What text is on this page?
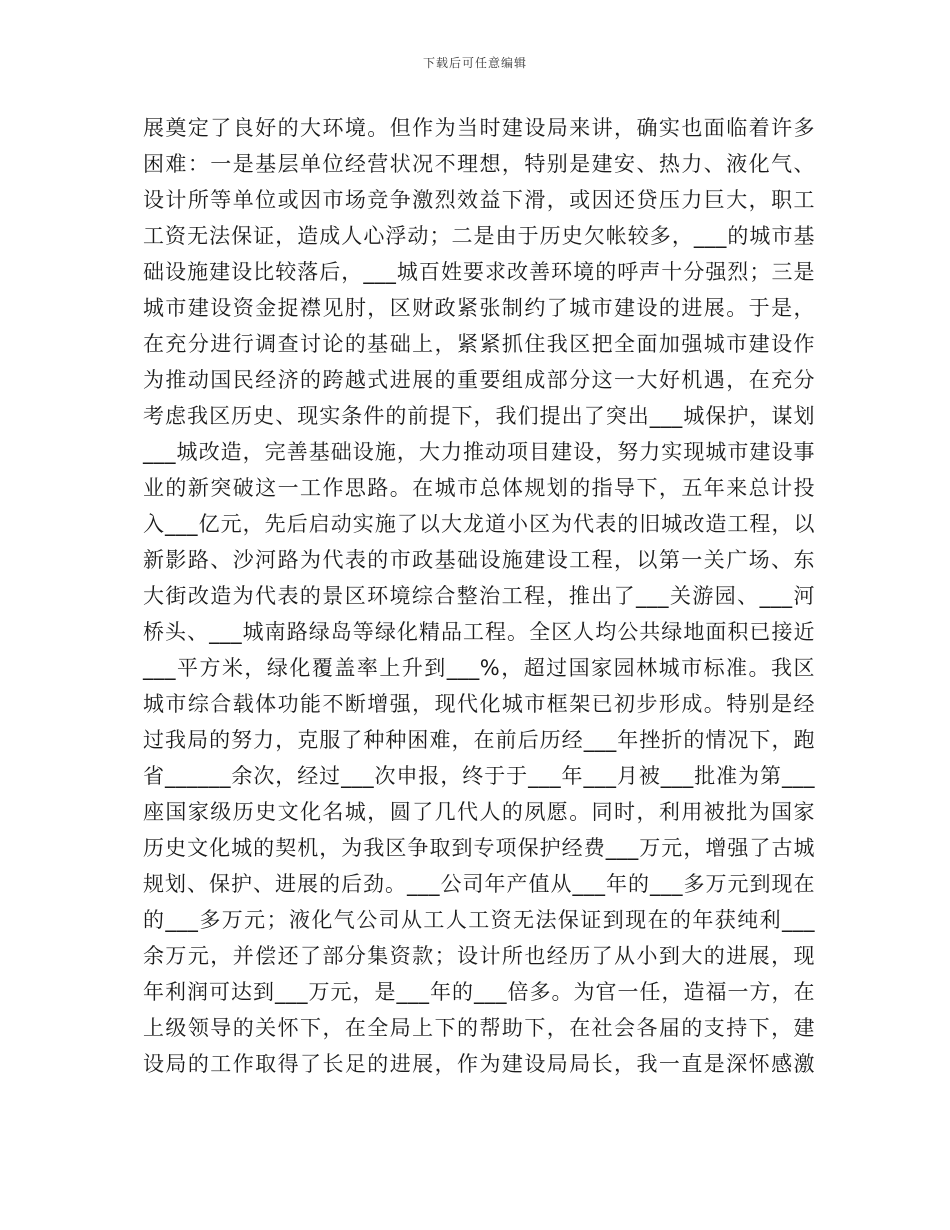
下载后可任意编辑
展奠定了良好的大环境。但作为当时建设局来讲，确实也面临着许多
困难：一是基层单位经营状况不理想，特别是建安、热力、液化气、
设计所等单位或因市场竞争激烈效益下滑，或因还贷压力巨大，职工
工资无法保证，造成人心浮动；二是由于历史欠帐较多，___的城市基
础设施建设比较落后，___城百姓要求改善环境的呼声十分强烈；三是
城市建设资金捉襟见肘，区财政紧张制约了城市建设的进展。于是，
在充分进行调查讨论的基础上，紧紧抓住我区把全面加强城市建设作
为推动国民经济的跨越式进展的重要组成部分这一大好机遇，在充分
考虑我区历史、现实条件的前提下，我们提出了突出___城保护，谋划
___城改造，完善基础设施，大力推动项目建设，努力实现城市建设事
业的新突破这一工作思路。在城市总体规划的指导下，五年来总计投
入___亿元，先后启动实施了以大龙道小区为代表的旧城改造工程，以
新影路、沙河路为代表的市政基础设施建设工程，以第一关广场、东
大街改造为代表的景区环境综合整治工程，推出了___关游园、___河
桥头、___城南路绿岛等绿化精品工程。全区人均公共绿地面积已接近
___平方米，绿化覆盖率上升到___%，超过国家园林城市标准。我区
城市综合载体功能不断增强，现代化城市框架已初步形成。特别是经
过我局的努力，克服了种种困难，在前后历经___年挫折的情况下，跑
省______余次，经过___次申报，终于于___年___月被___批准为第___
座国家级历史文化名城，圆了几代人的夙愿。同时，利用被批为国家
历史文化城的契机，为我区争取到专项保护经费___万元，增强了古城
规划、保护、进展的后劲。___公司年产值从___年的___多万元到现在
的___多万元；液化气公司从工人工资无法保证到现在的年获纯利___
余万元，并偿还了部分集资款；设计所也经历了从小到大的进展，现
年利润可达到___万元，是___年的___倍多。为官一任，造福一方，在
上级领导的关怀下，在全局上下的帮助下，在社会各届的支持下，建
设局的工作取得了长足的进展，作为建设局局长，我一直是深怀感激
